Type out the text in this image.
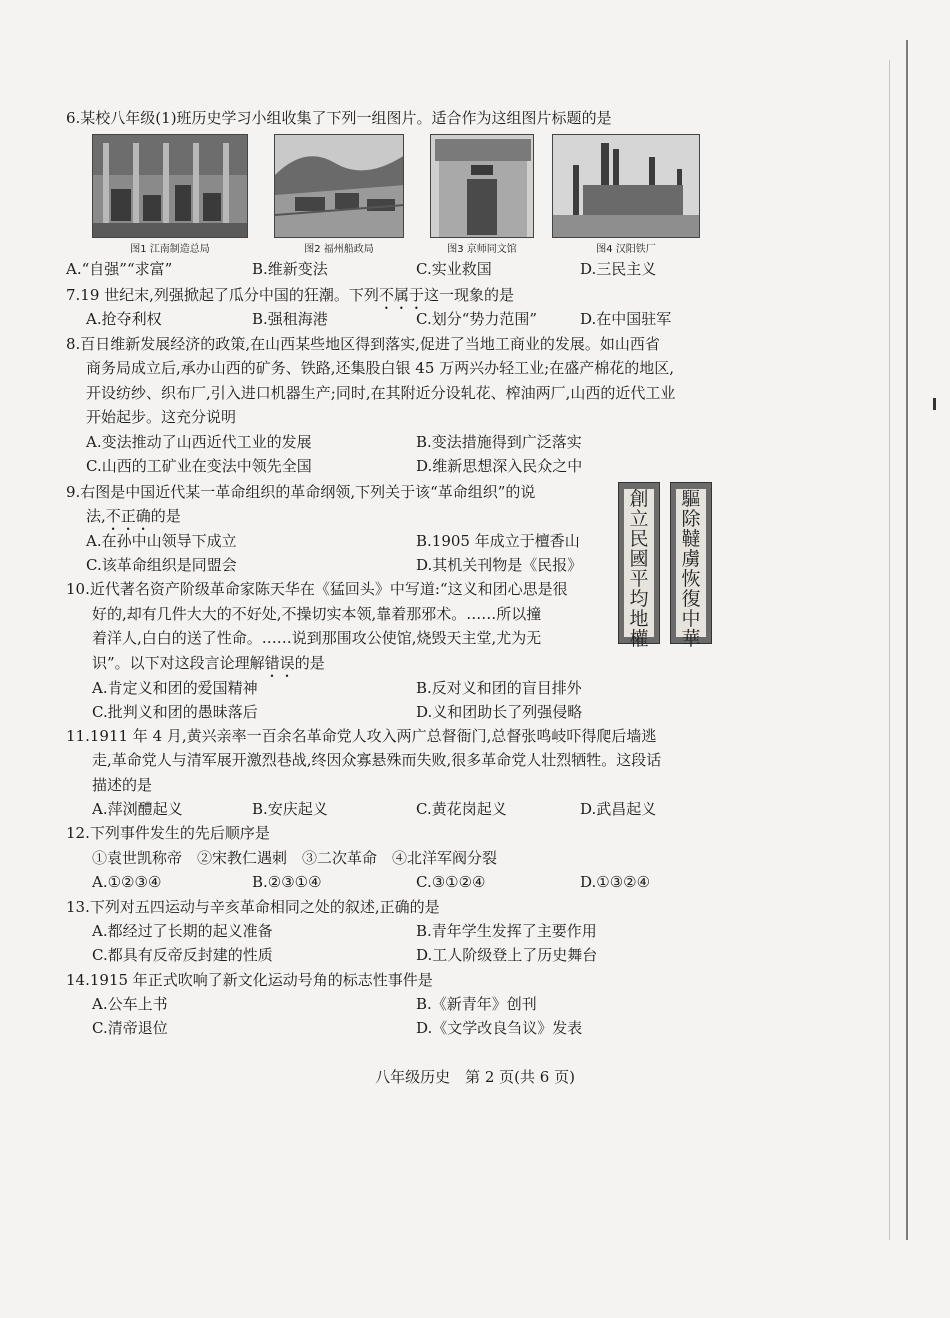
6.某校八年级(1)班历史学习小组收集了下列一组图片。适合作为这组图片标题的是
图1 江南制造总局	图2 福州船政局	图3 京师同文馆	图4 汉阳铁厂
A.“自强”“求富”	B.维新变法	C.实业救国	D.三民主义
7.19 世纪末,列强掀起了瓜分中国的狂潮。下列不属于这一现象的是
A.抢夺利权	B.强租海港	C.划分“势力范围”	D.在中国驻军
8.百日维新发展经济的政策,在山西某些地区得到落实,促进了当地工商业的发展。如山西省
商务局成立后,承办山西的矿务、铁路,还集股白银 45 万两兴办轻工业;在盛产棉花的地区,
开设纺纱、织布厂,引入进口机器生产;同时,在其附近分设轧花、榨油两厂,山西的近代工业
开始起步。这充分说明
A.变法推动了山西近代工业的发展	B.变法措施得到广泛落实
C.山西的工矿业在变法中领先全国	D.维新思想深入民众之中
9.右图是中国近代某一革命组织的革命纲领,下列关于该“革命组织”的说
法,不正确的是
A.在孙中山领导下成立	B.1905 年成立于檀香山
C.该革命组织是同盟会	D.其机关刊物是《民报》
創
立
民
國
平
均
地
權
驅
除
韃
虜
恢
復
中
華
10.近代著名资产阶级革命家陈天华在《猛回头》中写道:“这义和团心思是很
好的,却有几件大大的不好处,不操切实本领,靠着那邪术。……所以撞
着洋人,白白的送了性命。……说到那围攻公使馆,烧毁天主堂,尤为无
识”。以下对这段言论理解错误的是
A.肯定义和团的爱国精神	B.反对义和团的盲目排外
C.批判义和团的愚昧落后	D.义和团助长了列强侵略
11.1911 年 4 月,黄兴亲率一百余名革命党人攻入两广总督衙门,总督张鸣岐吓得爬后墙逃
走,革命党人与清军展开激烈巷战,终因众寡悬殊而失败,很多革命党人壮烈牺牲。这段话
描述的是
A.萍浏醴起义	B.安庆起义	C.黄花岗起义	D.武昌起义
12.下列事件发生的先后顺序是
①袁世凯称帝　②宋教仁遇刺　③二次革命　④北洋军阀分裂
A.①②③④	B.②③①④	C.③①②④	D.①③②④
13.下列对五四运动与辛亥革命相同之处的叙述,正确的是
A.都经过了长期的起义准备	B.青年学生发挥了主要作用
C.都具有反帝反封建的性质	D.工人阶级登上了历史舞台
14.1915 年正式吹响了新文化运动号角的标志性事件是
A.公车上书	B.《新青年》创刊
C.清帝退位	D.《文学改良刍议》发表
八年级历史　第 2 页(共 6 页)
